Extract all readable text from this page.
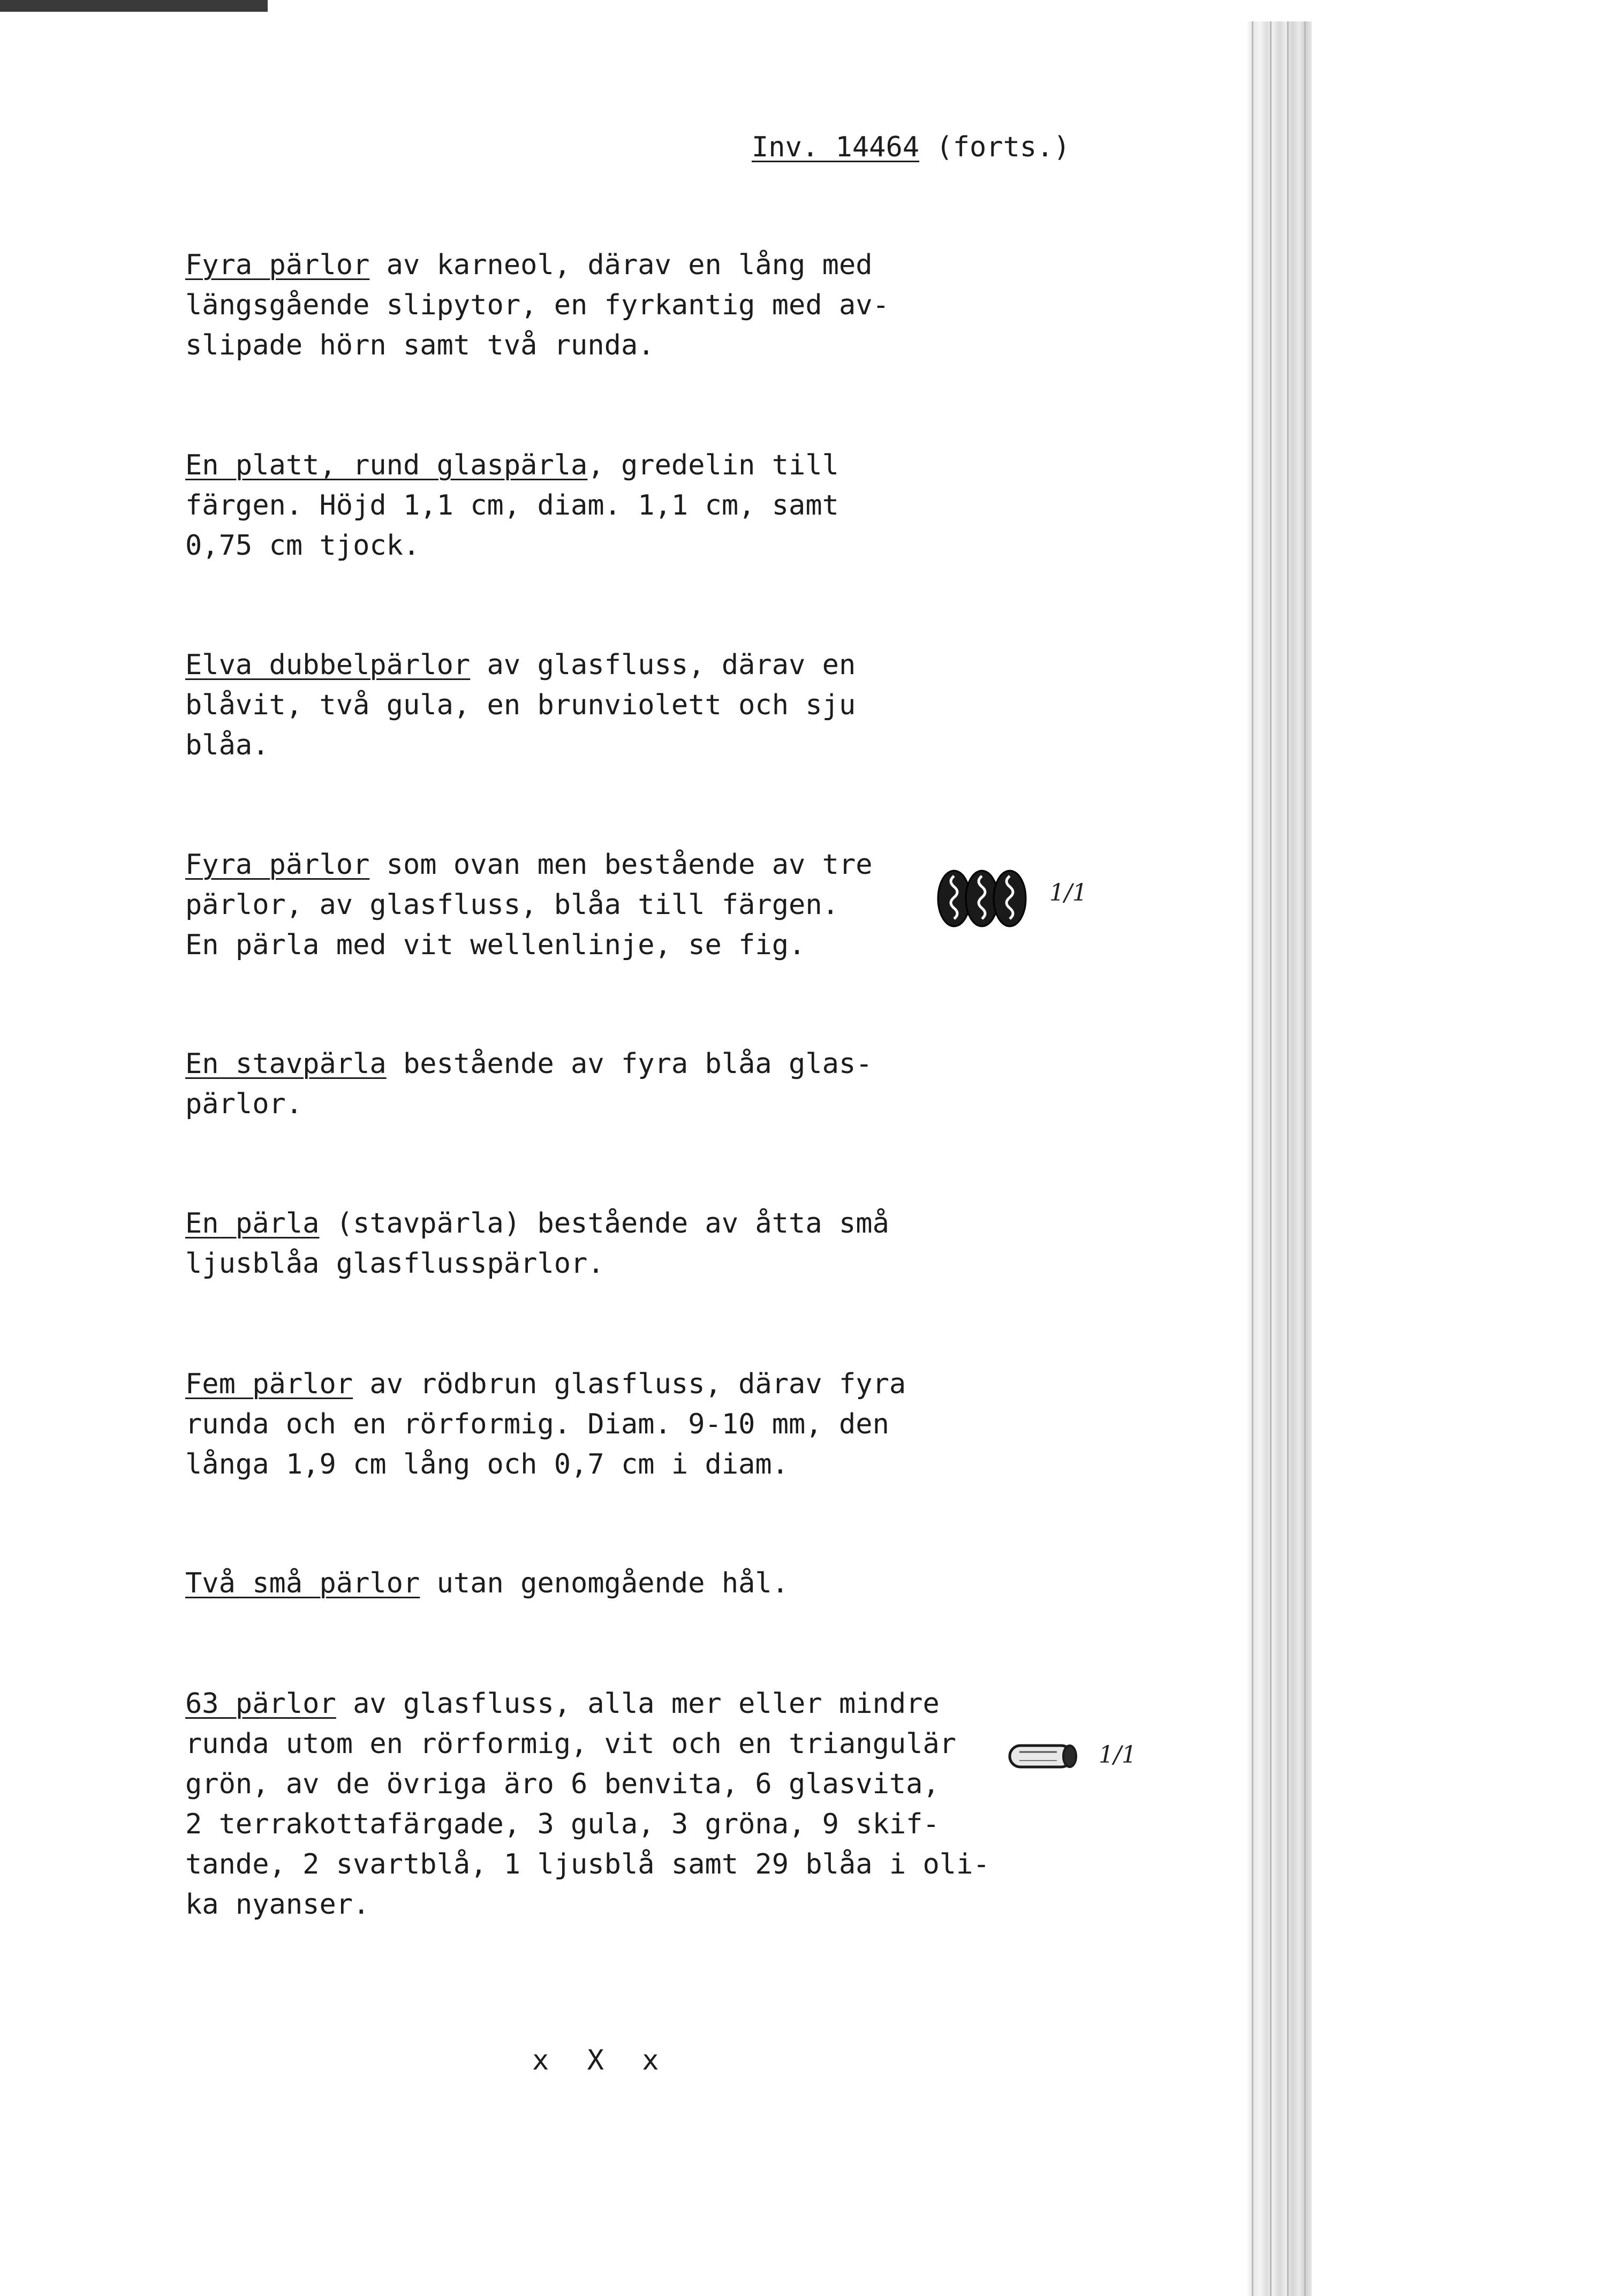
Inv. 14464 (forts.)

Fyra pärlor av karneol, därav en lång med
längsgående slipytor, en fyrkantig med av-
slipade hörn samt två runda.

En platt, rund glaspärla, gredelin till
färgen. Höjd 1,1 cm, diam. 1,1 cm, samt
0,75 cm tjock.

Elva dubbelpärlor av glasfluss, därav en
blåvit, två gula, en brunviolett och sju
blåa.

Fyra pärlor som ovan men bestående av tre
pärlor, av glasfluss, blåa till färgen.
En pärla med vit wellenlinje, se fig.

1/1

En stavpärla bestående av fyra blåa glas-
pärlor.

En pärla (stavpärla) bestående av åtta små
ljusblåa glasflusspärlor.

Fem pärlor av rödbrun glasfluss, därav fyra
runda och en rörformig. Diam. 9-10 mm, den
långa 1,9 cm lång och 0,7 cm i diam.

Två små pärlor utan genomgående hål.

63 pärlor av glasfluss, alla mer eller mindre
runda utom en rörformig, vit och en triangulär
grön, av de övriga äro 6 benvita, 6 glasvita,
2 terrakottafärgade, 3 gula, 3 gröna, 9 skif-
tande, 2 svartblå, 1 ljusblå samt 29 blåa i oli-
ka nyanser.

1/1
x X x
